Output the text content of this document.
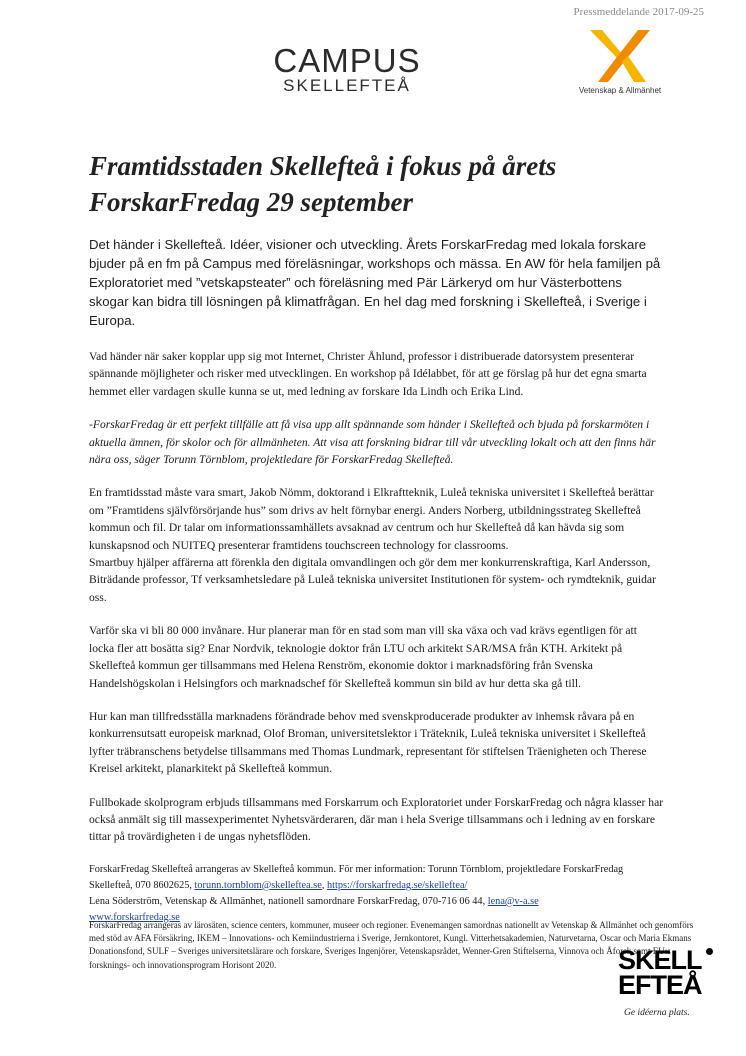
Pressmeddelande 2017-09-25
CAMPUS
SKELLEFTEÅ	Vetenskap & Allmänhet
Framtidsstaden Skellefteå i fokus på årets ForskarFredag 29 september

Det händer i Skellefteå. Idéer, visioner och utveckling. Årets ForskarFredag med lokala forskare bjuder på en fm på Campus med föreläsningar, workshops och mässa. En AW för hela familjen på Exploratoriet med ”vetskapsteater” och föreläsning med Pär Lärkeryd om hur Västerbottens skogar kan bidra till lösningen på klimatfrågan. En hel dag med forskning i Skellefteå, i Sverige i Europa.

Vad händer när saker kopplar upp sig mot Internet, Christer Åhlund, professor i distribuerade datorsystem presenterar spännande möjligheter och risker med utvecklingen. En workshop på Idélabbet, för att ge förslag på hur det egna smarta hemmet eller vardagen skulle kunna se ut, med ledning av forskare Ida Lindh och Erika Lind.

-ForskarFredag är ett perfekt tillfälle att få visa upp allt spännande som händer i Skellefteå och bjuda på forskarmöten i aktuella ämnen, för skolor och för allmänheten. Att visa att forskning bidrar till vår utveckling lokalt och att den finns här nära oss, säger Torunn Törnblom, projektledare för ForskarFredag Skellefteå.

En framtidsstad måste vara smart, Jakob Nömm, doktorand i Elkraftteknik, Luleå tekniska universitet i Skellefteå berättar om ”Framtidens självförsörjande hus” som drivs av helt förnybar energi. Anders Norberg, utbildningsstrateg Skellefteå kommun och fil. Dr talar om informationssamhällets avsaknad av centrum och hur Skellefteå då kan hävda sig som kunskapsnod och NUITEQ presenterar framtidens touchscreen technology for classrooms.

Smartbuy hjälper affärerna att förenkla den digitala omvandlingen och gör dem mer konkurrenskraftiga, Karl Andersson, Biträdande professor, Tf verksamhetsledare på Luleå tekniska universitet Institutionen för system- och rymdteknik, guidar oss.

Varför ska vi bli 80 000 invånare. Hur planerar man för en stad som man vill ska växa och vad krävs egentligen för att locka fler att bosätta sig? Enar Nordvik, teknologie doktor från LTU och arkitekt SAR/MSA från KTH. Arkitekt på Skellefteå kommun ger tillsammans med Helena Renström, ekonomie doktor i marknadsföring från Svenska Handelshögskolan i Helsingfors och marknadschef för Skellefteå kommun sin bild av hur detta ska gå till.

Hur kan man tillfredsställa marknadens förändrade behov med svenskproducerade produkter av inhemsk råvara på en konkurrensutsatt europeisk marknad, Olof Broman, universitetslektor i Träteknik, Luleå tekniska universitet i Skellefteå lyfter träbranschens betydelse tillsammans med Thomas Lundmark, representant för stiftelsen Träenigheten och Therese Kreisel arkitekt, planarkitekt på Skellefteå kommun.

Fullbokade skolprogram erbjuds tillsammans med Forskarrum och Exploratoriet under ForskarFredag och några klasser har också anmält sig till massexperimentet Nyhetsvärderaren, där man i hela Sverige tillsammans och i ledning av en forskare tittar på trovärdigheten i de ungas nyhetsflöden.

ForskarFredag Skellefteå arrangeras av Skellefteå kommun. För mer information: Torunn Törnblom, projektledare ForskarFredag Skellefteå, 070 8602625, torunn.tornblom@skelleftea.se, https://forskarfredag.se/skelleftea/
Lena Söderström, Vetenskap & Allmänhet, nationell samordnare ForskarFredag, 070-716 06 44, lena@v-a.se
www.forskarfredag.se
ForskarFredag arrangeras av lärosäten, science centers, kommuner, museer och regioner. Evenemangen samordnas nationellt av Vetenskap & Allmänhet och genomförs med stöd av AFA Försäkring, IKEM – Innovations- och Kemiindustrierna i Sverige, Jernkontoret, Kungl. Vitterhetsakademien, Naturvetarna, Oscar och Maria Ekmans Donationsfond, SULF – Sveriges universitetslärare och forskare, Sveriges Ingenjörer, Vetenskapsrådet, Wenner-Gren Stiftelserna, Vinnova och Åforsk samt EU:s forsknings- och innovationsprogram Horisont 2020.	SKELL
EFTEÅ
Ge idéerna plats.
